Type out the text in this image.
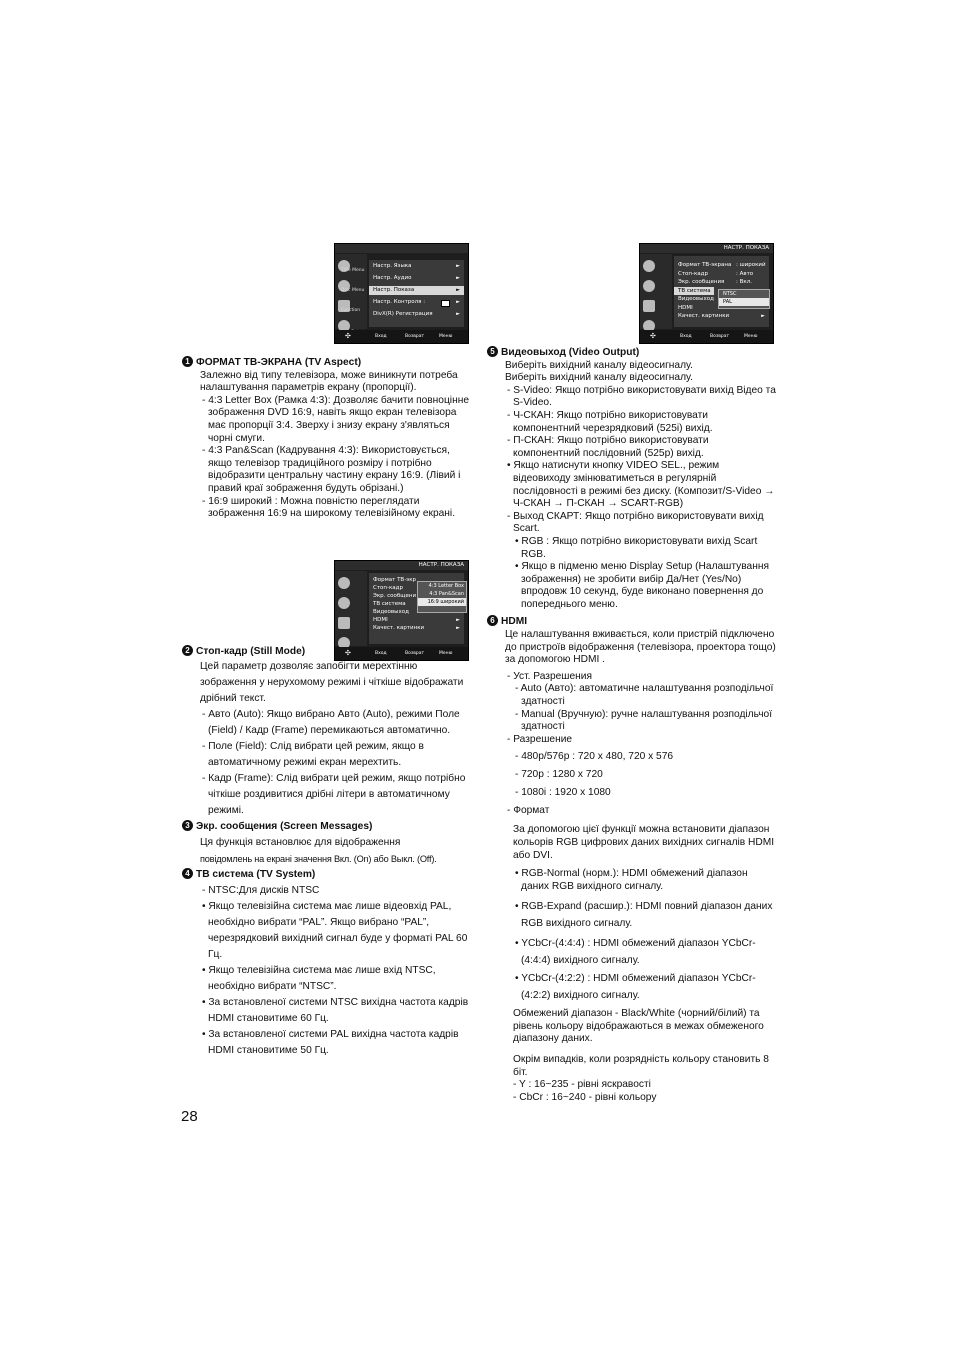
Title Menu
Disc Menu
Function
Настр. Языка	►
Настр. Аудио	►
Настр. Показа	►
Настр. Контроля :	►
DivX(R) Регистрация	►
✣	Вход	Возврат	Меню
НАСТР. ПОКАЗА
Формат ТВ-экр
Стоп-кадр
Экр. сообщени
ТВ система
Видеовыход
HDMI	►
Качест. картинки	►
4:3 Letter Box
4:3 Pan&Scan
16:9 широкий
✣	Вход	Возврат	Меню
НАСТР. ПОКАЗА
Формат ТВ-экрана : широкий
Стоп-кадр	: Авто
Экр. сообщения : Вкл.
ТВ система
Видеовыход
HDMI
Качест. картинки	►
NTSC
PAL
✣	Вход	Возврат	Меню

1 ФОРМАТ ТВ-ЭКРАНА (TV Aspect)

Залежно від типу телевізора, може виникнути потреба налаштування параметрів екрану (пропорції).

- 4:3 Letter Box (Рамка 4:3): Дозволяє бачити повноцінне зображення DVD 16:9, навіть якщо екран телевізора має пропорції 3:4. Зверху і знизу екрану з'являться чорні смуги.

- 4:3 Pan&Scan (Кадрування 4:3): Використовується, якщо телевізор традиційного розміру і потрібно відобразити центральну частину екрану 16:9. (Лівий і правий краї зображення будуть обрізані.)

- 16:9 широкий : Можна повністю переглядати зображення 16:9 на широкому телевізійному екрані.

2 Стоп-кадр (Still Mode)

Цей параметр дозволяє запобігти мерехтінню зображення у нерухомому режимі і чіткіше відображати дрібний текст.

- Авто (Auto): Якщо вибрано Авто (Auto), режими Поле (Field) / Кадр (Frame) перемикаються автоматично.

- Поле (Field): Слід вибрати цей режим, якщо в автоматичному режимі екран мерехтить.

- Кадр (Frame): Слід вибрати цей режим, якщо потрібно чіткіше роздивитися дрібні літери в автоматичному режимі.

3 Экр. сообщения (Screen Messages)

Ця функція встановлює для відображення

повідомлень на екрані значення Вкл. (On) або Выкл. (Off).

4 ТВ система (TV System)

- NTSC:Для дисків NTSC

• Якщо телевізійна система має лише відеовхід PAL, необхідно вибрати “PAL”. Якщо вибрано “PAL”, черезрядковий вихідний сигнал буде у форматі PAL 60 Гц.

• Якщо телевізійна система має лише вхід NTSC, необхідно вибрати “NTSC”.

• За встановленої системи NTSC вихідна частота кадрів HDMI становитиме 60 Гц.

• За встановленої системи PAL вихідна частота кадрів HDMI становитиме 50 Гц.

5 Видеовыход (Video Output)

Виберіть вихідний каналу відеосигналу.

Виберіть вихідний каналу відеосигналу.

- S-Video: Якщо потрібно використовувати вихід Відео та S-Video.

- Ч-СКАН: Якщо потрібно використовувати компонентний черезрядковий (525i) вихід.

- П-СКАН: Якщо потрібно використовувати компонентний послідовний (525p) вихід.

• Якщо натиснути кнопку VIDEO SEL., режим відеовиходу змінюватиметься в регулярній послідовності в режимі без диску. (Композит/S-Video → Ч-СКАН → П-СКАН → SCART-RGB)

- Выход СКАРТ: Якщо потрібно використовувати вихід Scart.

• RGB : Якщо потрібно використовувати вихід Scart RGB.

• Якщо в підменю меню Display Setup (Налаштування зображення) не зробити вибір Да/Нет (Yes/No) впродовж 10 секунд, буде виконано повернення до попереднього меню.

6 HDMI

Це налаштування вживається, коли пристрій підключено до пристроїв відображення (телевізора, проектора тощо) за допомогою HDMI .

- Уст. Разрешения

- Auto (Авто): автоматичне налаштування розподільчої здатності

- Manual (Вручную): ручне налаштування розподільчої здатності

- Разрешение

- 480p/576p : 720 x 480, 720 x 576

- 720p : 1280 x 720

- 1080i : 1920 x 1080

- Формат

За допомогою цієї функції можна встановити діапазон кольорів RGB цифрових даних вихідних сигналів HDMI або DVI.

• RGB-Normal (норм.): HDMI обмежений діапазон даних RGB вихідного сигналу.

• RGB-Expand (расшир.): HDMI повний діапазон даних RGB вихідного сигналу.

• YCbCr-(4:4:4) : HDMI обмежений діапазон YCbCr-(4:4:4) вихідного сигналу.

• YCbCr-(4:2:2) : HDMI обмежений діапазон YCbCr-(4:2:2) вихідного сигналу.

Обмежений діапазон - Black/White (чорний/білий) та рівень кольору відображаються в межах обмеженого діапазону даних.

Окрім випадків, коли розрядність кольору становить 8 біт.

- Y : 16~235 - рівні яскравості

- CbCr : 16~240 - рівні кольору

28
